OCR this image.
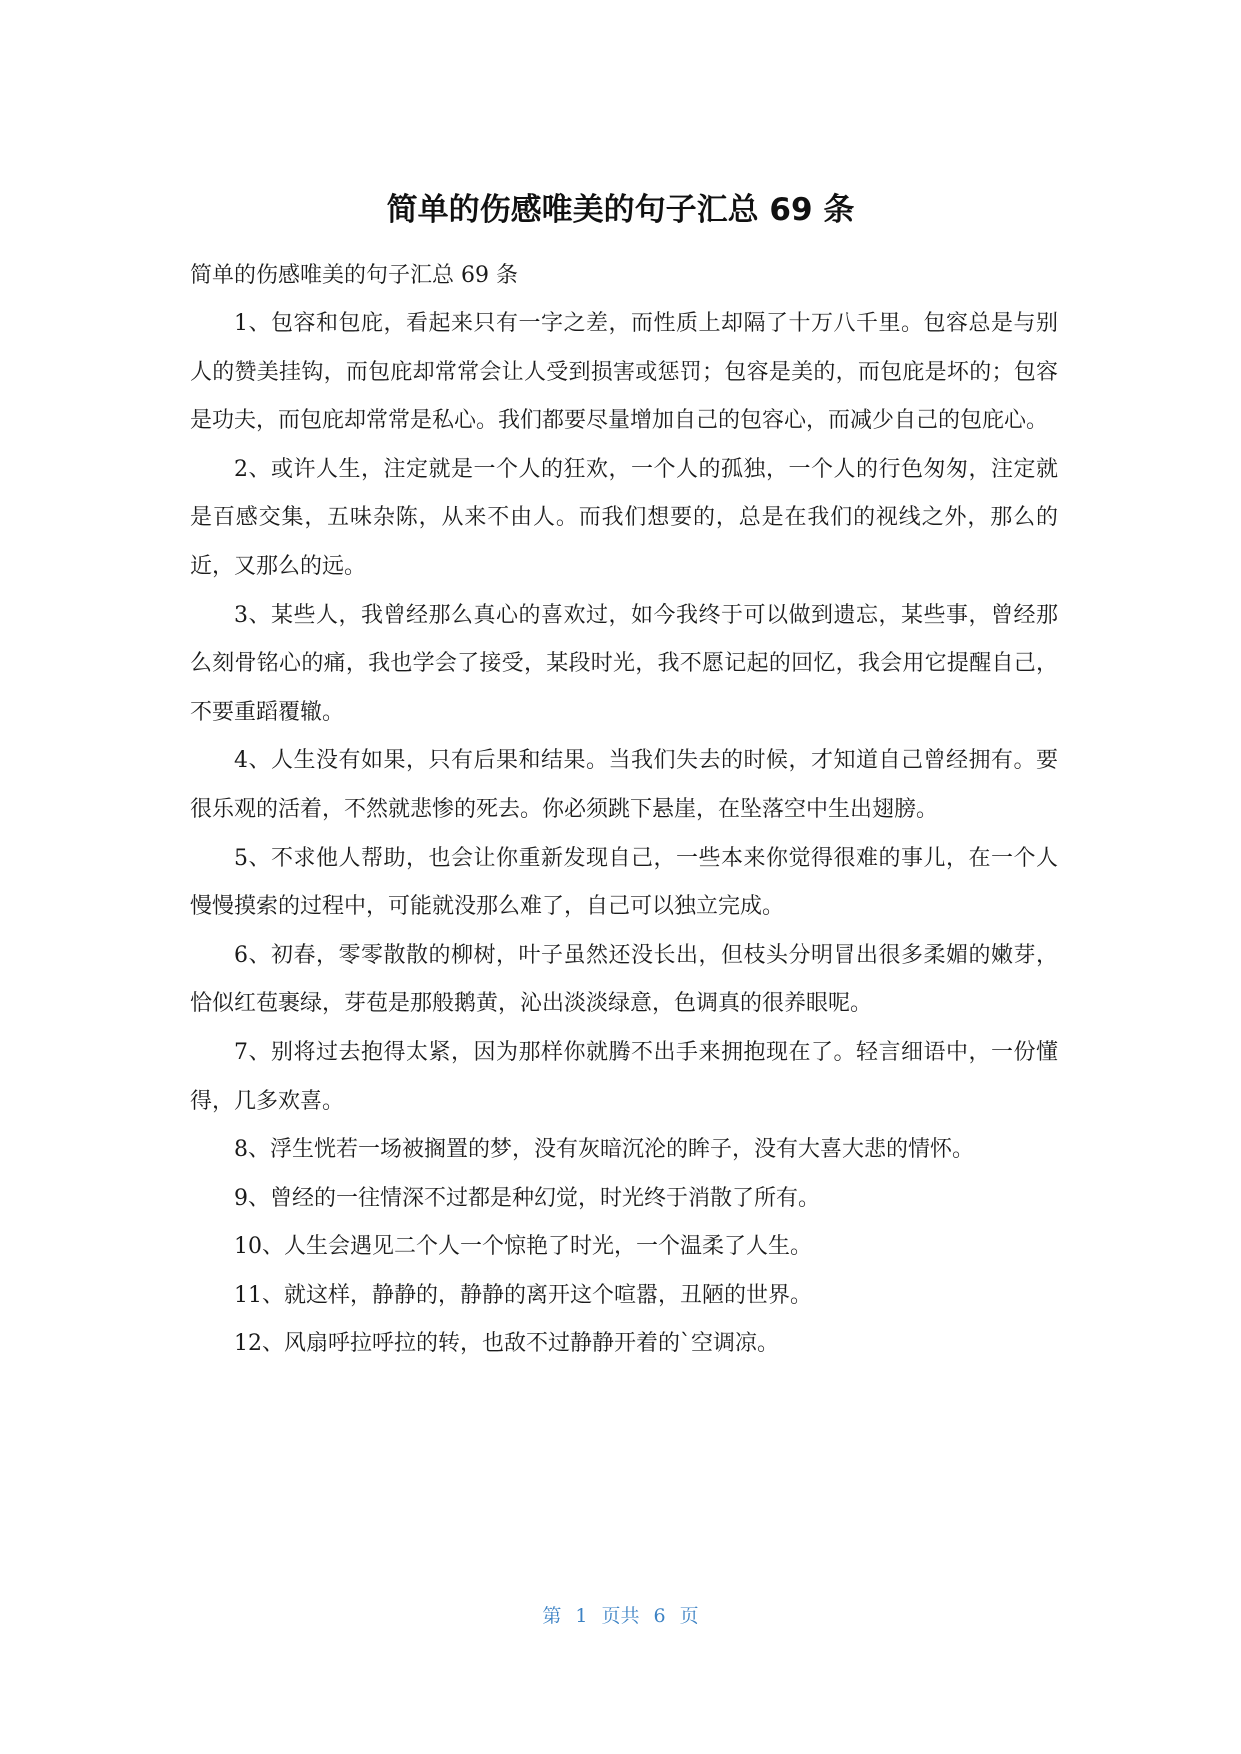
简单的伤感唯美的句子汇总 69 条

简单的伤感唯美的句子汇总 69 条

1、包容和包庇，看起来只有一字之差，而性质上却隔了十万八千里。包容总是与别人的赞美挂钩，而包庇却常常会让人受到损害或惩罚；包容是美的，而包庇是坏的；包容是功夫，而包庇却常常是私心。我们都要尽量增加自己的包容心，而减少自己的包庇心。

2、或许人生，注定就是一个人的狂欢，一个人的孤独，一个人的行色匆匆，注定就是百感交集，五味杂陈，从来不由人。而我们想要的，总是在我们的视线之外，那么的近，又那么的远。

3、某些人，我曾经那么真心的喜欢过，如今我终于可以做到遗忘，某些事，曾经那么刻骨铭心的痛，我也学会了接受，某段时光，我不愿记起的回忆，我会用它提醒自己，不要重蹈覆辙。

4、人生没有如果，只有后果和结果。当我们失去的时候，才知道自己曾经拥有。要很乐观的活着，不然就悲惨的死去。你必须跳下悬崖，在坠落空中生出翅膀。

5、不求他人帮助，也会让你重新发现自己，一些本来你觉得很难的事儿，在一个人慢慢摸索的过程中，可能就没那么难了，自己可以独立完成。

6、初春，零零散散的柳树，叶子虽然还没长出，但枝头分明冒出很多柔媚的嫩芽，恰似红苞裹绿，芽苞是那般鹅黄，沁出淡淡绿意，色调真的很养眼呢。

7、别将过去抱得太紧，因为那样你就腾不出手来拥抱现在了。轻言细语中，一份懂得，几多欢喜。

8、浮生恍若一场被搁置的梦，没有灰暗沉沦的眸子，没有大喜大悲的情怀。

9、曾经的一往情深不过都是种幻觉，时光终于消散了所有。

10、人生会遇见二个人一个惊艳了时光，一个温柔了人生。

11、就这样，静静的，静静的离开这个喧嚣，丑陋的世界。

12、风扇呼拉呼拉的转，也敌不过静静开着的`空调凉。

第 1 页共 6 页
